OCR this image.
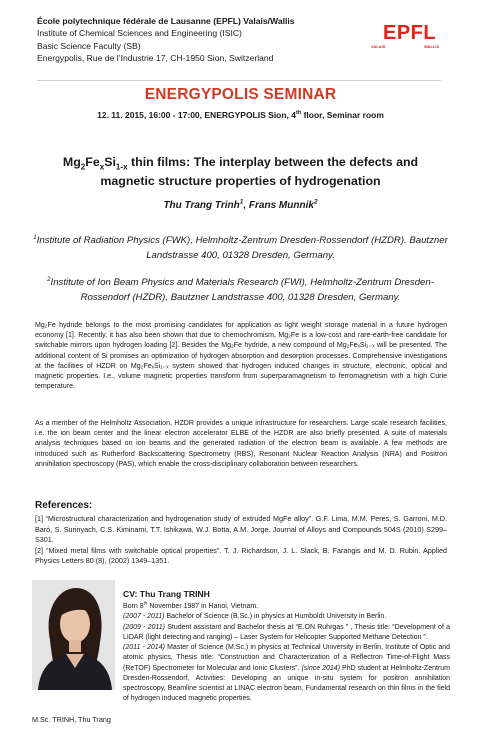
École polytechnique fédérale de Lausanne (EPFL) Valais/Wallis
Institute of Chemical Sciences and Engineering (ISIC)
Basic Science Faculty (SB)
Energypolis, Rue de l’Industrie 17, CH-1950 Sion, Switzerland
EPFL
VALAIS	WALLIS
ENERGYPOLIS SEMINAR
12. 11. 2015, 16:00 - 17:00, ENERGYPOLIS Sion, 4th floor, Seminar room
$Mg_2Fe_xSi_{1-x}$ thin films: The interplay between the defects and
magnetic structure properties of hydrogenation
Thu Trang Trinh$^1$, Frans Munnik$^2$
$^1$Institute of Radiation Physics (FWK), Helmholtz-Zentrum Dresden-Rossendorf (HZDR). Bautzner Landstrasse 400, 01328 Dresden, Germany.
$^2$Institute of Ion Beam Physics and Materials Research (FWI), Helmholtz-Zentrum Dresden-Rossendorf (HZDR), Bautzner Landstrasse 400, 01328 Dresden, Germany.

Mg₂Fe hydride belongs to the most promising candidates for application as light weight storage material in a future hydrogen economy [1]. Recently, it has also been shown that due to chemochromism, Mg₂Fe is a low-cost and rare-earth-free candidate for switchable mirrors upon hydrogen loading [2]. Besides the Mg₂Fe hydride, a new compound of Mg₂FeₓSi₁₋ₓ will be presented. The additional content of Si promises an optimization of hydrogen absorption and desorption processes. Comprehensive investigations at the facilities of HZDR on Mg₂FeₓSi₁₋ₓ system showed that hydrogen induced changes in structure, electronic, optical and magnetic properties. I.e., volume magnetic properties transform from superparamagnetism to ferromagnetism with a high Curie temperature.

As a member of the Helmholtz Association, HZDR provides a unique infrastructure for researchers. Large scale research facilities, i.e. the ion beam center and the linear electron accelerator ELBE of the HZDR are also briefly presented. A suite of materials analysis techniques based on ion beams and the generated radiation of the electron beam is available. A few methods are introduced such as Rutherford Backscattering Spectrometry (RBS), Resonant Nuclear Reaction Analysis (NRA) and Positron annihilation spectroscopy (PAS), which enable the cross-disciplinary collaboration between researchers.

References:
[1] “Microstructural characterization and hydrogenation study of extruded MgFe alloy”. G.F. Lima, M.M. Peres, S. Garroni, M.D. Baró, S. Surinyach, C.S. Kiminami, T.T. Ishikawa, W.J. Botta, A.M. Jorge. Journal of Alloys and Compounds 504S (2010) S299–S301.
[2] “Mixed metal films with switchable optical properties”. T. J. Richardson, J. L. Slack, B. Farangis and M. D. Rubin. Applied Physics Letters 80 (8), (2002) 1349–1351.
M.Sc. TRINH, Thu Trang
CV: Thu Trang TRINH

Born 8th November 1987 in Hanoi, Vietnam.

(2007 - 2011) Bachelor of Science (B.Sc.) in physics at Humboldt University in Berlin.

(2009 - 2011) Student assistant and Bachelor thesis at “E.ON Ruhrgas ” , Thesis title: “Development of a LIDAR (light detecting and ranging) – Laser System for Helicopter Supported Methane Detection ”.

(2011 - 2014) Master of Science (M.Sc.) in physics at Technical University in Berlin, Institute of Optic and atomic physics, Thesis title: “Construction and Characterization of a Reflectron Time-of-Flight Mass (ReTOF) Spectrometer for Molecular and Ionic Clusters”. (since 2014) PhD student at Helmholtz-Zentrum Dresden-Rossendorf, Activities: Developing an unique in-situ system for positron annihilation spectroscopy, Beamline scientist at LINAC electron beam, Fundamental research on thin films in the field of hydrogen induced magnetic properties.
